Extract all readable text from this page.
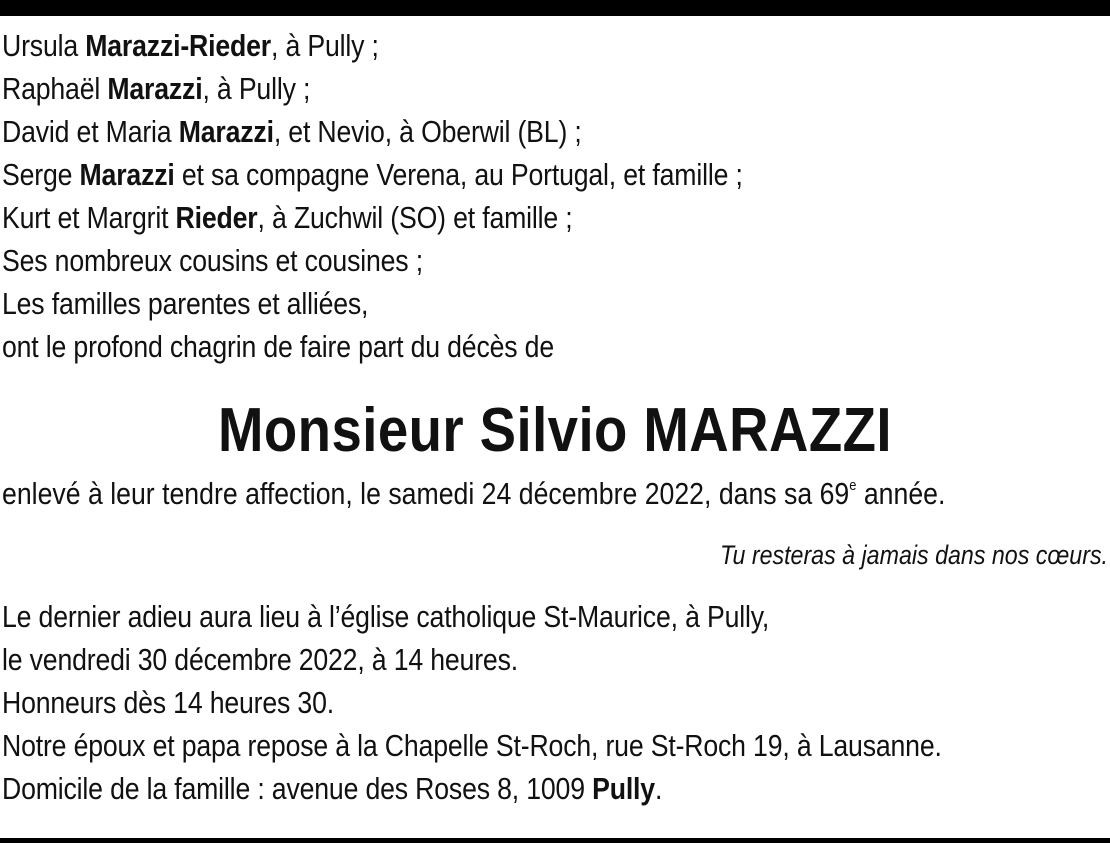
Ursula Marazzi-Rieder, à Pully ;
Raphaël Marazzi, à Pully ;
David et Maria Marazzi, et Nevio, à Oberwil (BL) ;
Serge Marazzi et sa compagne Verena, au Portugal, et famille ;
Kurt et Margrit Rieder, à Zuchwil (SO) et famille ;
Ses nombreux cousins et cousines ;
Les familles parentes et alliées,
ont le profond chagrin de faire part du décès de
Monsieur Silvio MARAZZI
enlevé à leur tendre affection, le samedi 24 décembre 2022, dans sa 69e année.
Tu resteras à jamais dans nos cœurs.
Le dernier adieu aura lieu à l’église catholique St-Maurice, à Pully,
le vendredi 30 décembre 2022, à 14 heures.
Honneurs dès 14 heures 30.
Notre époux et papa repose à la Chapelle St-Roch, rue St-Roch 19, à Lausanne.
Domicile de la famille : avenue des Roses 8, 1009 Pully.
